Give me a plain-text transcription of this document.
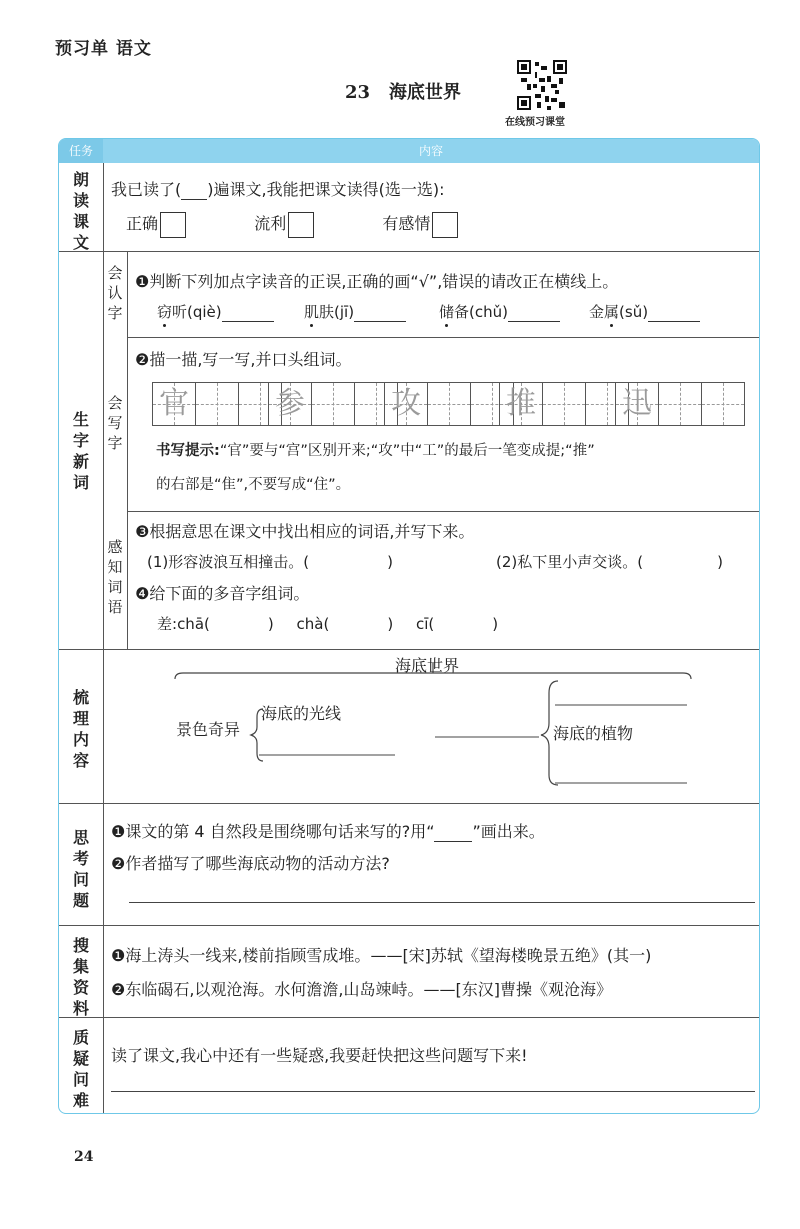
预习单 语文
23 海底世界
在线预习课堂
任务	内容
朗读课文
我已读了( )遍课文,我能把课文读得(选一选):
正确	流利	有感情
生字新词
会认字
❶判断下列加点字读音的正误,正确的画“√”,错误的请改正在横线上。
窃听(qiè)	肌肤(jī)	储备(chǔ)	金属(sǔ)
会写字
❷描一描,写一写,并口头组词。
官	参	攻	推	迅
书写提示:“官”要与“宫”区别开来;“攻”中“工”的最后一笔变成提;“推”
的右部是“隹”,不要写成“住”。
感知词语
❸根据意思在课文中找出相应的词语,并写下来。
(1)形容波浪互相撞击。(	)	(2)私下里小声交谈。(	)
❹给下面的多音字组词。
差:chā(	) chà(	) cī(	)
梳理内容
海底世界
景色奇异
海底的光线
海底的植物
思考问题
❶课文的第 4 自然段是围绕哪句话来写的?用“ ”画出来。
❷作者描写了哪些海底动物的活动方法?
搜集资料
❶海上涛头一线来,楼前指顾雪成堆。——[宋]苏轼《望海楼晚景五绝》(其一)
❷东临碣石,以观沧海。水何澹澹,山岛竦峙。——[东汉]曹操《观沧海》
质疑问难
读了课文,我心中还有一些疑惑,我要赶快把这些问题写下来!
24
